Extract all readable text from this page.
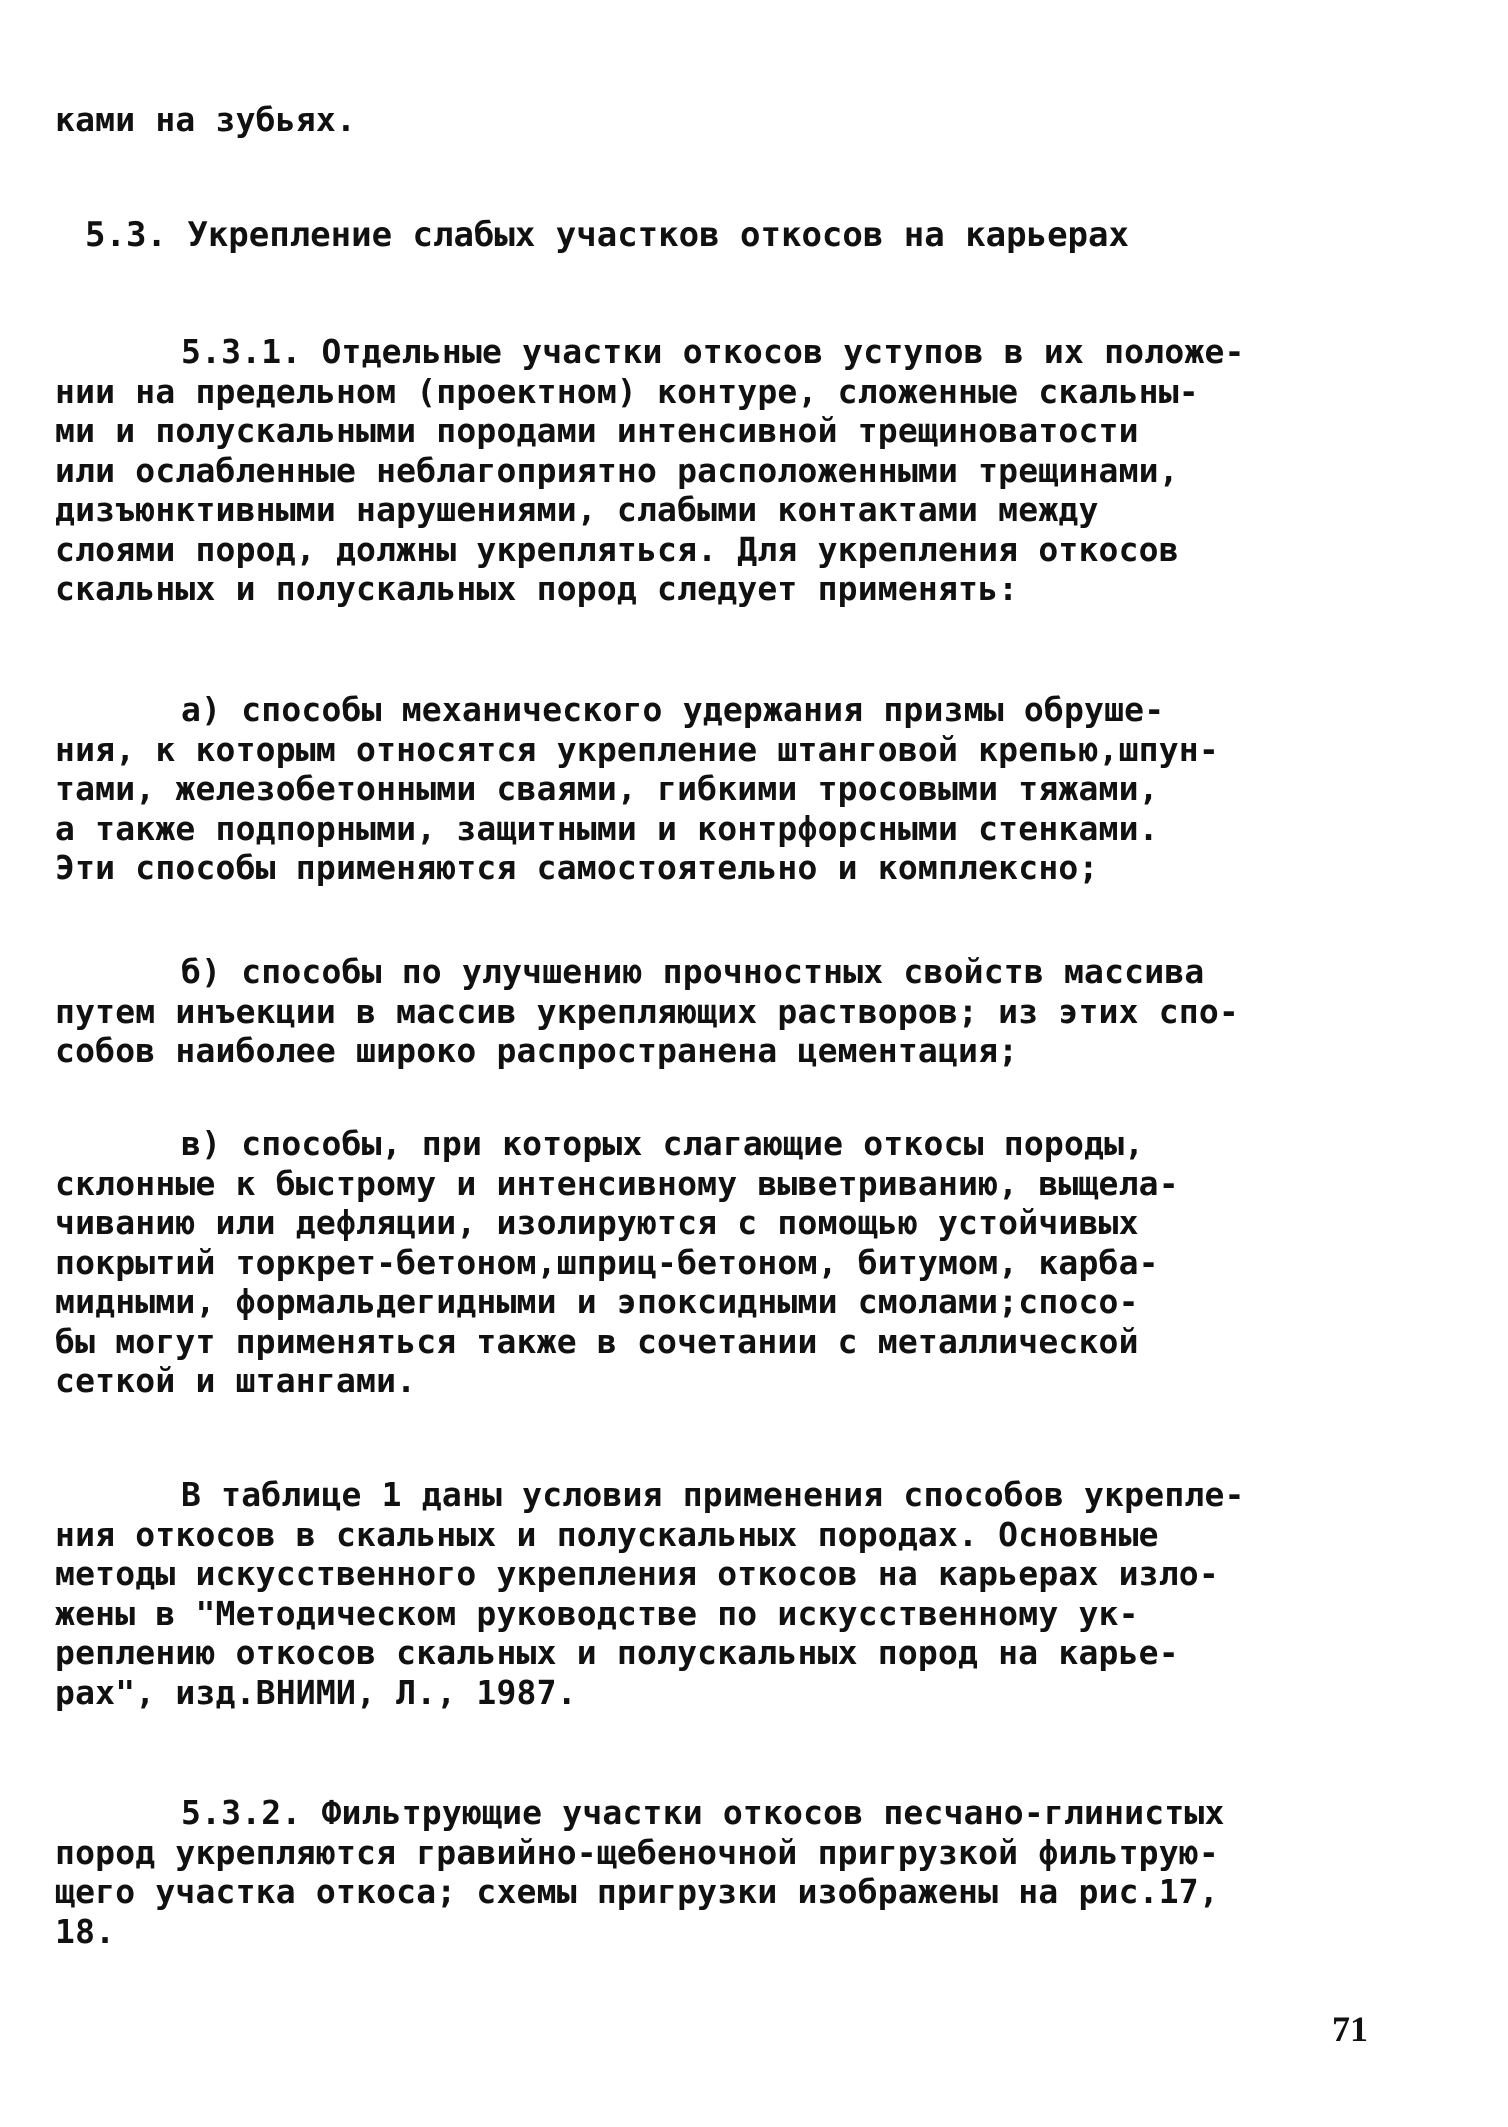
ками на зубьях.
5.3. Укрепление слабых участков откосов на карьерах
5.3.1. Отдельные участки откосов уступов в их положе-
нии на предельном (проектном) контуре, сложенные скальны-
ми и полускальными породами интенсивной трещиноватости
или ослабленные неблагоприятно расположенными трещинами,
дизъюнктивными нарушениями, слабыми контактами между
слоями пород, должны укрепляться. Для укрепления откосов
скальных и полускальных пород следует применять:
а) способы механического удержания призмы обруше-
ния, к которым относятся укрепление штанговой крепью,шпун-
тами, железобетонными сваями, гибкими тросовыми тяжами,
а также подпорными, защитными и контрфорсными стенками.
Эти способы применяются самостоятельно и комплексно;
б) способы по улучшению прочностных свойств массива
путем инъекции в массив укрепляющих растворов; из этих спо-
собов наиболее широко распространена цементация;
в) способы, при которых слагающие откосы породы,
склонные к быстрому и интенсивному выветриванию, выщела-
чиванию или дефляции, изолируются с помощью устойчивых
покрытий торкрет-бетоном,шприц-бетоном, битумом, карба-
мидными, формальдегидными и эпоксидными смолами;спосо-
бы могут применяться также в сочетании с металлической
сеткой и штангами.
В таблице 1 даны условия применения способов укрепле-
ния откосов в скальных и полускальных породах. Основные
методы искусственного укрепления откосов на карьерах изло-
жены в "Методическом руководстве по искусственному ук-
реплению откосов скальных и полускальных пород на карье-
рах", изд.ВНИМИ, Л., 1987.
5.3.2. Фильтрующие участки откосов песчано-глинистых
пород укрепляются гравийно-щебеночной пригрузкой фильтрую-
щего участка откоса; схемы пригрузки изображены на рис.17,
18.
71
